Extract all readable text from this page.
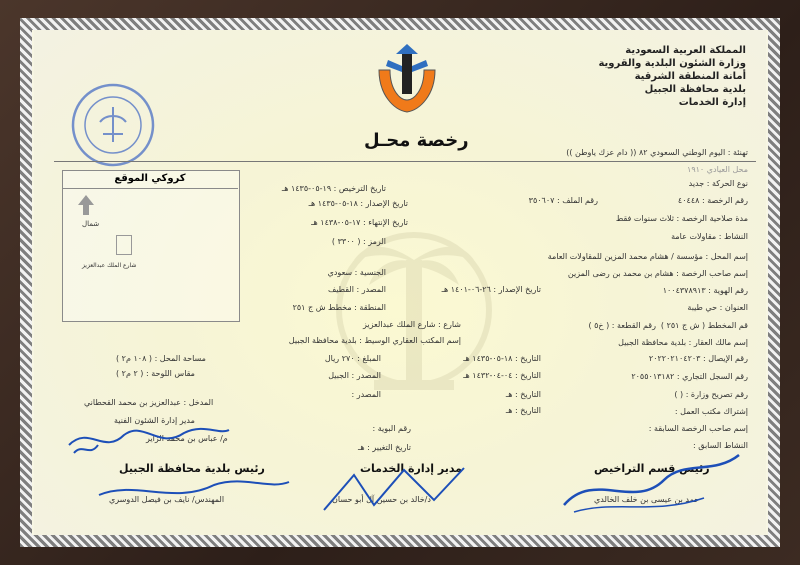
المملكة العربية السعودية
وزارة الشئون البلدية والقروية
أمانة المنطقة الشرقية
بلدية محافظة الجبيل
إدارة الخدمات
رخصة محـل
تهنئة : اليوم الوطني السعودي ٨٢ (( دام عزك ياوطن ))
محل العيادي ١٩١٠
نوع الحركة : جديد
رقم الرخصة : ٤٠٤٤٨
رقم الملف : ٣٥٠٦٠٧
مدة صلاحية الرخصة : ثلاث سنوات فقط
النشاط : مقاولات عامة
إسم المحل : مؤسسة / هشام محمد المزين للمقاولات العامة
إسم صاحب الرخصة : هشام بن محمد بن رضى المزين
رقم الهوية : ١٠٠٤٣٧٨٩١٣
العنوان : حي طيبة
قم المخطط ( ش ج ٢٥١ )
رقم القطعة : ( خ٥ )
إسم مالك العقار : بلدية محافظة الجبيل
رقم الإيصال : ٢٠٢٢٠٢١٠٤٢٠٣
رقم السجل التجاري : ٢٠٥٥٠١٣١٨٢
رقم تصريح وزارة : ( )
إشتراك مكتب العمل :
إسم صاحب الرخصة السابقة :
النشاط السابق :
تاريخ الترخيص : ١٩-٠٥-١٤٣٥ هـ
تاريخ الإصدار : ١٨-٠٥-١٤٣٥ هـ
تاريخ الإنتهاء : ١٧-٠٥-١٤٣٨ هـ
الرمز : ( ٣٣٠٠ )
الجنسية : سعودي
تاريخ الإصدار : ٢٦-٠٦-١٤٠١ هـ
المصدر : القطيف
المنطقة : مخطط ش ج ٢٥١
شارع : شارع الملك عبدالعزيز
إسم المكتب العقاري الوسيط : بلدية محافظة الجبيل
التاريخ : ١٨-٠٥-١٤٣٥ هـ
المبلغ : ٢٧٠ ريال
التاريخ : ٠٤-٠٤-١٤٣٢ هـ
المصدر : الجبيل
التاريخ : هـ
المصدر :
التاريخ : هـ
رقم البوية :
تاريخ التغيير : هـ
كروكي الموقع
شمال
شارع الملك عبدالعزيز
مساحة المحل : ( ١٠٨ م٢ )
مقاس اللوحة : ( ٢ م٢ )
المدخل : عبدالعزيز بن محمد القحطاني
مدير إدارة الشئون الفنية
م/ عباس بن محمد الزاير
رئيس بلدية محافظة الجبيل
المهندس/ نايف بن فيصل الدوسري
مدير إدارة الخدمات
د/خالد بن حسين آل أبو حسان
رئيس قسم التراخيص
حمد بن عيسى بن خلف الخالدي
